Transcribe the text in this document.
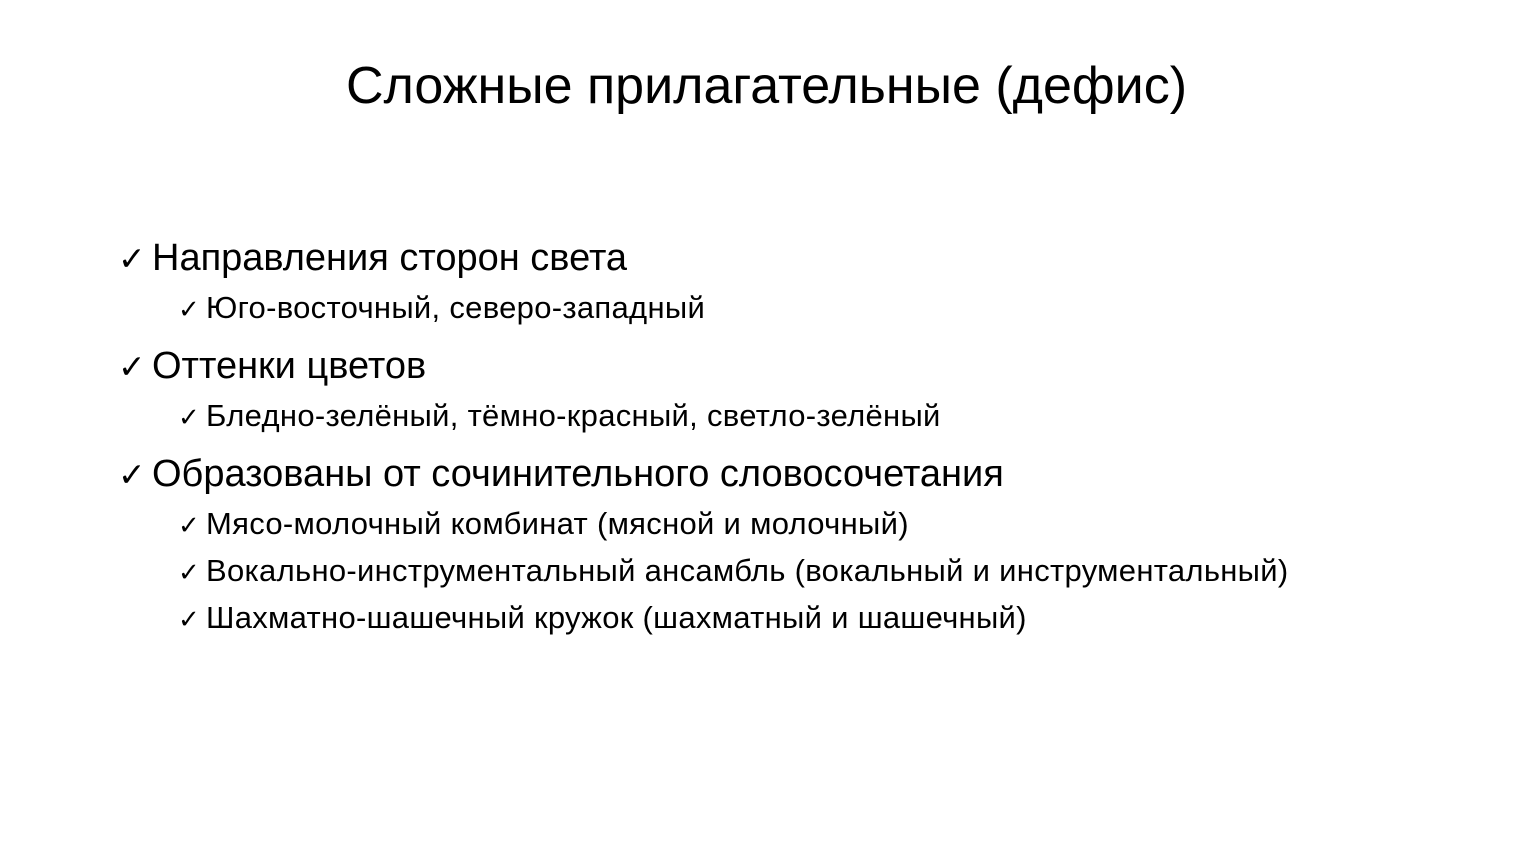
Сложные прилагательные (дефис)
✓ Направления сторон света
✓ Юго-восточный, северо-западный
✓ Оттенки цветов
✓ Бледно-зелёный, тёмно-красный, светло-зелёный
✓ Образованы от сочинительного словосочетания
✓ Мясо-молочный комбинат (мясной и молочный)
✓ Вокально-инструментальный ансамбль (вокальный и инструментальный)
✓ Шахматно-шашечный кружок (шахматный и шашечный)
